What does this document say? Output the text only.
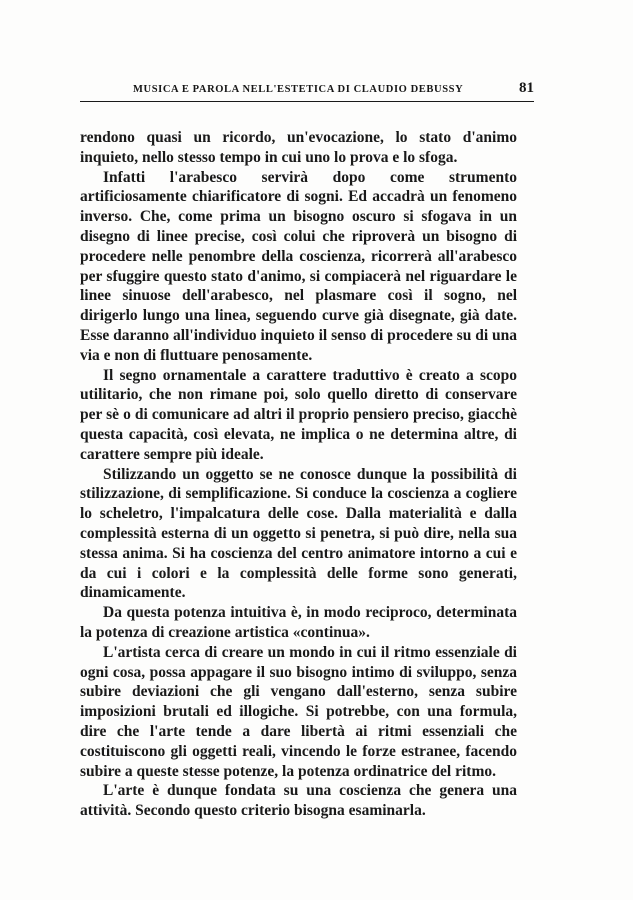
MUSICA E PAROLA NELL'ESTETICA DI CLAUDIO DEBUSSY	81

rendono quasi un ricordo, un'evocazione, lo stato d'animo inquieto, nello stesso tempo in cui uno lo prova e lo sfoga.

Infatti l'arabesco servirà dopo come strumento artificiosamente chiarificatore di sogni. Ed accadrà un fenomeno inverso. Che, come prima un bisogno oscuro si sfogava in un disegno di linee precise, così colui che riproverà un bisogno di procedere nelle penombre della coscienza, ricorrerà all'arabesco per sfuggire questo stato d'animo, si compiacerà nel riguardare le linee sinuose dell'arabesco, nel plasmare così il sogno, nel dirigerlo lungo una linea, seguendo curve già disegnate, già date. Esse daranno all'individuo inquieto il senso di procedere su di una via e non di fluttuare penosamente.

Il segno ornamentale a carattere traduttivo è creato a scopo utilitario, che non rimane poi, solo quello diretto di conservare per sè o di comunicare ad altri il proprio pensiero preciso, giacchè questa capacità, così elevata, ne implica o ne determina altre, di carattere sempre più ideale.

Stilizzando un oggetto se ne conosce dunque la possibilità di stilizzazione, di semplificazione. Si conduce la coscienza a cogliere lo scheletro, l'impalcatura delle cose. Dalla materialità e dalla complessità esterna di un oggetto si penetra, si può dire, nella sua stessa anima. Si ha coscienza del centro animatore intorno a cui e da cui i colori e la complessità delle forme sono generati, dinamicamente.

Da questa potenza intuitiva è, in modo reciproco, determinata la potenza di creazione artistica «continua».

L'artista cerca di creare un mondo in cui il ritmo essenziale di ogni cosa, possa appagare il suo bisogno intimo di sviluppo, senza subire deviazioni che gli vengano dall'esterno, senza subire imposizioni brutali ed illogiche. Si potrebbe, con una formula, dire che l'arte tende a dare libertà ai ritmi essenziali che costituiscono gli oggetti reali, vincendo le forze estranee, facendo subire a queste stesse potenze, la potenza ordinatrice del ritmo.

L'arte è dunque fondata su una coscienza che genera una attività. Secondo questo criterio bisogna esaminarla.
